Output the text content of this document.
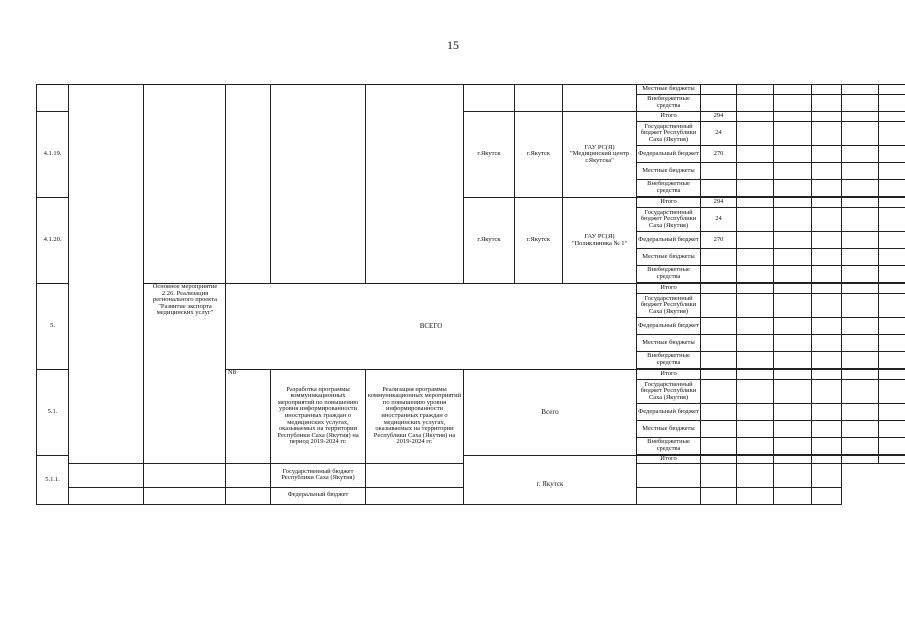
15
									Местные бюджеты						
									Внебюджетные средства						
4.1.19.						г.Якутск	г.Якутск	ГАУ РС(Я) "Медицинский центр г.Якутска"	Итого	294					
									Государственный бюджет Республики Саха (Якутия)	24					
									Федеральный бюджет	270					
									Местные бюджеты						
									Внебюджетные средства						

4.1.20.						г.Якутск	г.Якутск	ГАУ РС(Я) "Поликлиника № 1"	Итого	294					
									Государственный бюджет Республики Саха (Якутия)	24					
									Федеральный бюджет	270					
									Местные бюджеты						
									Внебюджетные средства						

5.		Основное мероприятие 2.26. Реализация регионального проекта "Развитие экспорта медицинских услуг"	ВСЕГО						Итого						
									Государственный бюджет Республики Саха (Якутия)						
									Федеральный бюджет						
									Местные бюджеты						
									Внебюджетные средства						

5.1.			N8	Разработка программы коммуникационных мероприятий по повышению уровня информированности иностранных граждан о медицинских услугах, оказываемых на территории Республики Саха (Якутия) на период 2019-2024 гг.	Реализация программы коммуникационных мероприятий по повышению уровня информированности иностранных граждан о медицинских услугах, оказываемых на территории Республики Саха (Якутия) на 2019-2024 гг.	Всего			Итого						
									Государственный бюджет Республики Саха (Якутия)						
									Федеральный бюджет						
									Местные бюджеты						
									Внебюджетные средства						

5.1.1.						г. Якутск			Итого						
				Государственный бюджет Республики Саха (Якутия)											
				Федеральный бюджет											
